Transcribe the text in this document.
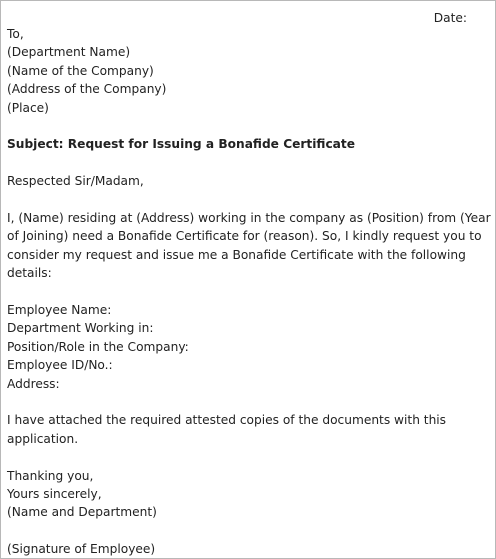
Date:
To,
(Department Name)
(Name of the Company)
(Address of the Company)
(Place)
Subject: Request for Issuing a Bonafide Certificate
Respected Sir/Madam,
I, (Name) residing at (Address) working in the company as (Position) from (Year
of Joining) need a Bonafide Certificate for (reason). So, I kindly request you to
consider my request and issue me a Bonafide Certificate with the following
details:
Employee Name:
Department Working in:
Position/Role in the Company:
Employee ID/No.:
Address:
I have attached the required attested copies of the documents with this
application.
Thanking you,
Yours sincerely,
(Name and Department)
(Signature of Employee)
